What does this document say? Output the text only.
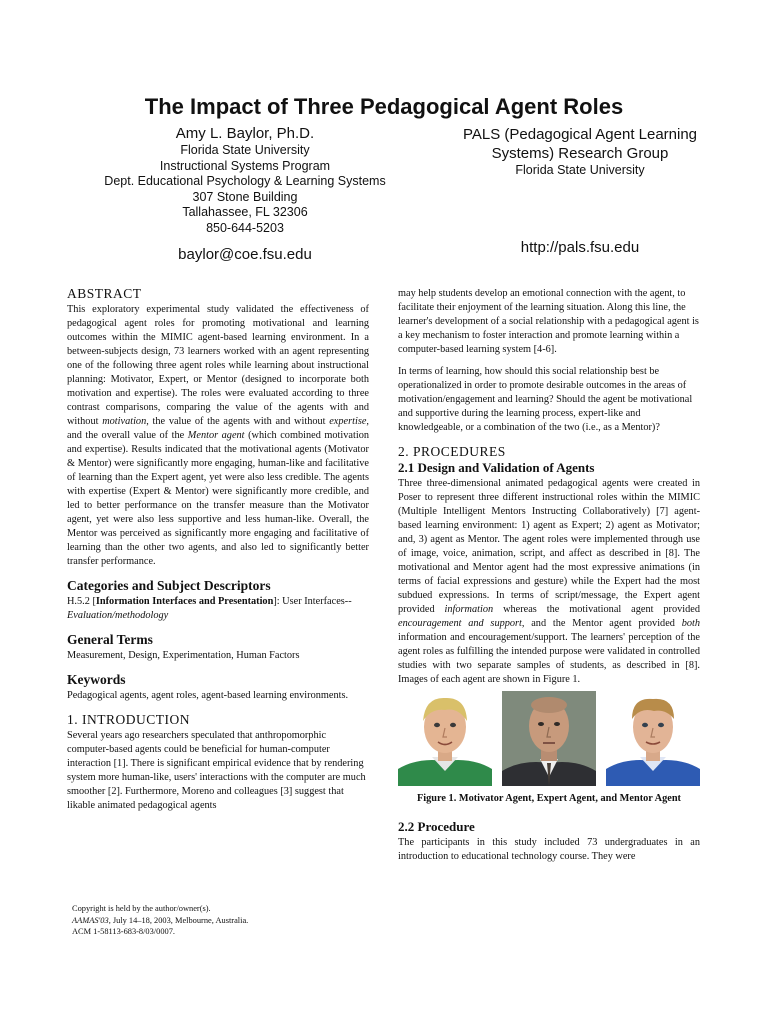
The Impact of Three Pedagogical Agent Roles
Amy L. Baylor, Ph.D.
Florida State University
Instructional Systems Program
Dept. Educational Psychology & Learning Systems
307 Stone Building
Tallahassee, FL 32306
850-644-5203
baylor@coe.fsu.edu
PALS (Pedagogical Agent Learning
Systems) Research Group
Florida State University
http://pals.fsu.edu
ABSTRACT

This exploratory experimental study validated the effectiveness of pedagogical agent roles for promoting motivational and learning outcomes within the MIMIC agent-based learning environment. In a between-subjects design, 73 learners worked with an agent representing one of the following three agent roles while learning about instructional planning: Motivator, Expert, or Mentor (designed to incorporate both motivation and expertise). The roles were evaluated according to three contrast comparisons, comparing the value of the agents with and without motivation, the value of the agents with and without expertise, and the overall value of the Mentor agent (which combined motivation and expertise). Results indicated that the motivational agents (Motivator & Mentor) were significantly more engaging, human-like and facilitative of learning than the Expert agent, yet were also less credible. The agents with expertise (Expert & Mentor) were significantly more credible, and led to better performance on the transfer measure than the Motivator agent, yet were also less supportive and less human-like. Overall, the Mentor was perceived as significantly more engaging and facilitative of learning than the other two agents, and also led to significantly better transfer performance.

Categories and Subject Descriptors

H.5.2 [Information Interfaces and Presentation]: User Interfaces-- Evaluation/methodology

General Terms

Measurement, Design, Experimentation, Human Factors

Keywords

Pedagogical agents, agent roles, agent-based learning environments.

1. INTRODUCTION

Several years ago researchers speculated that anthropomorphic computer-based agents could be beneficial for human-computer interaction [1]. There is significant empirical evidence that by rendering system more human-like, users' interactions with the computer are much smoother [2]. Furthermore, Moreno and colleagues [3] suggest that likable animated pedagogical agents

Copyright is held by the author/owner(s).
AAMAS'03, July 14–18, 2003, Melbourne, Australia.
ACM 1-58113-683-8/03/0007.

may help students develop an emotional connection with the agent, to facilitate their enjoyment of the learning situation. Along this line, the learner's development of a social relationship with a pedagogical agent is a key mechanism to foster interaction and promote learning within a computer-based learning system [4-6].

In terms of learning, how should this social relationship best be operationalized in order to promote desirable outcomes in the areas of motivation/engagement and learning? Should the agent be motivational and supportive during the learning process, expert-like and knowledgeable, or a combination of the two (i.e., as a Mentor)?

2. PROCEDURES
2.1 Design and Validation of Agents

Three three-dimensional animated pedagogical agents were created in Poser to represent three different instructional roles within the MIMIC (Multiple Intelligent Mentors Instructing Collaboratively) [7] agent-based learning environment: 1) agent as Expert; 2) agent as Motivator; and, 3) agent as Mentor. The agent roles were implemented through use of image, voice, animation, script, and affect as described in [8]. The motivational and Mentor agent had the most expressive animations (in terms of facial expressions and gesture) while the Expert had the most subdued expressions. In terms of script/message, the Expert agent provided information whereas the motivational agent provided encouragement and support, and the Mentor agent provided both information and encouragement/support. The learners' perception of the agent roles as fulfilling the intended purpose were validated in controlled studies with two separate samples of students, as described in [8]. Images of each agent are shown in Figure 1.

Figure 1. Motivator Agent, Expert Agent, and Mentor Agent
2.2 Procedure

The participants in this study included 73 undergraduates in an introduction to educational technology course. They were
